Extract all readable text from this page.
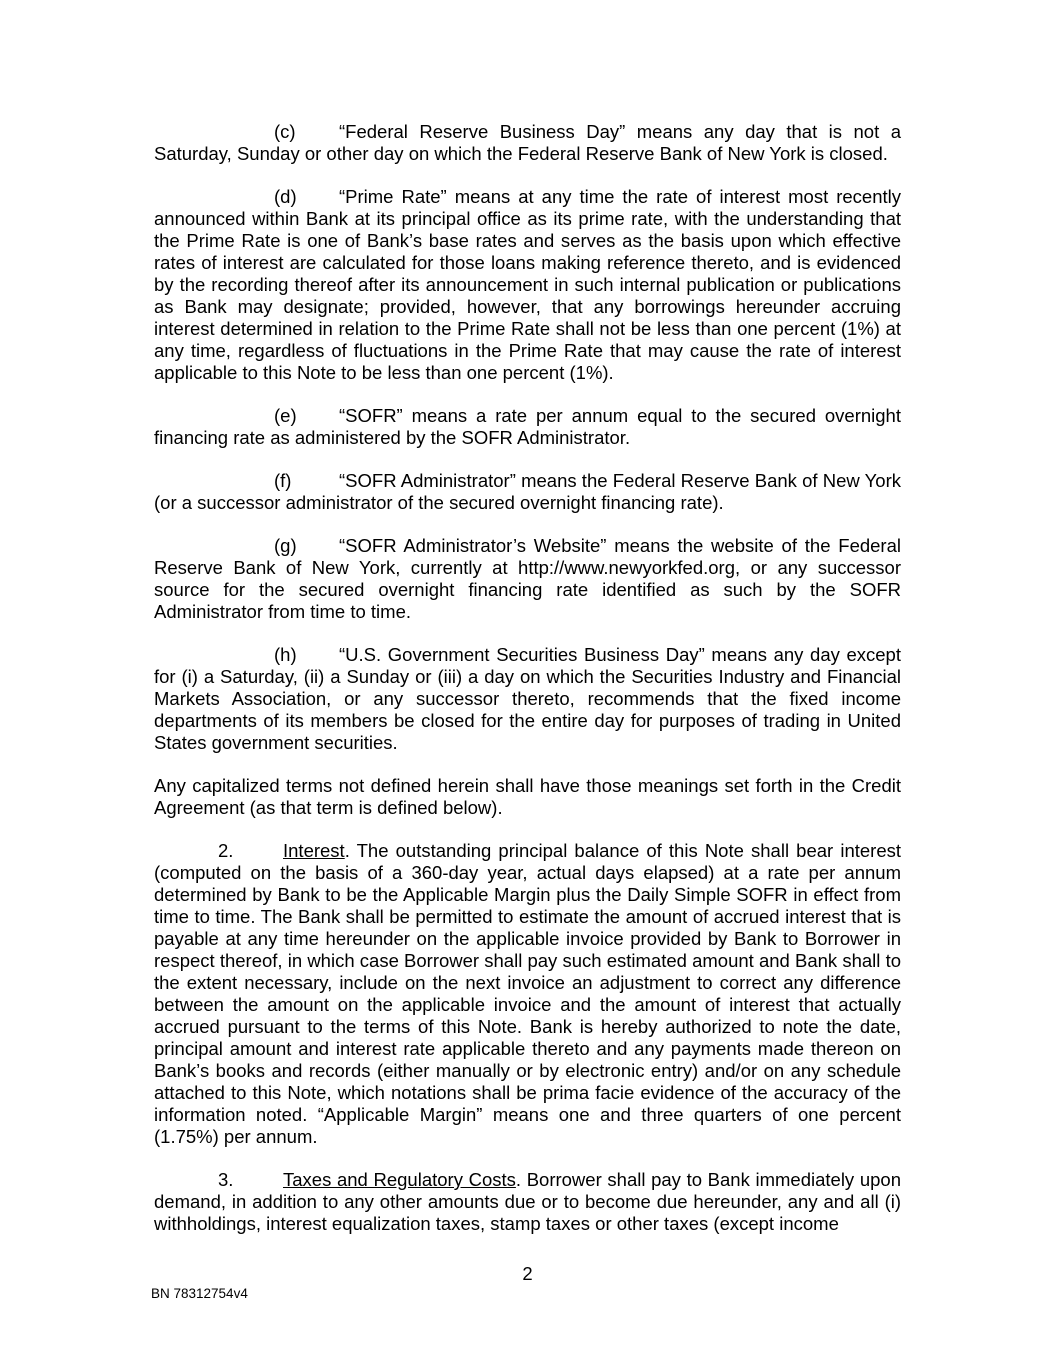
(c) “Federal Reserve Business Day” means any day that is not a Saturday, Sunday or other day on which the Federal Reserve Bank of New York is closed.

(d) “Prime Rate” means at any time the rate of interest most recently announced within Bank at its principal office as its prime rate, with the understanding that the Prime Rate is one of Bank’s base rates and serves as the basis upon which effective rates of interest are calculated for those loans making reference thereto, and is evidenced by the recording thereof after its announcement in such internal publication or publications as Bank may designate; provided, however, that any borrowings hereunder accruing interest determined in relation to the Prime Rate shall not be less than one percent (1%) at any time, regardless of fluctuations in the Prime Rate that may cause the rate of interest applicable to this Note to be less than one percent (1%).

(e) “SOFR” means a rate per annum equal to the secured overnight financing rate as administered by the SOFR Administrator.

(f)	“SOFR Administrator” means the Federal Reserve Bank of New York (or a successor administrator of the secured overnight financing rate).

(g) “SOFR Administrator’s Website” means the website of the Federal Reserve Bank of New York, currently at http://www.newyorkfed.org, or any successor source for the secured overnight financing rate identified as such by the SOFR Administrator from time to time.

(h) “U.S. Government Securities Business Day” means any day except for (i) a Saturday, (ii) a Sunday or (iii) a day on which the Securities Industry and Financial Markets Association, or any successor thereto, recommends that the fixed income departments of its members be closed for the entire day for purposes of trading in United States government securities.

Any capitalized terms not defined herein shall have those meanings set forth in the Credit Agreement (as that term is defined below).

2.	Interest. The outstanding principal balance of this Note shall bear interest (computed on the basis of a 360-day year, actual days elapsed) at a rate per annum determined by Bank to be the Applicable Margin plus the Daily Simple SOFR in effect from time to time. The Bank shall be permitted to estimate the amount of accrued interest that is payable at any time hereunder on the applicable invoice provided by Bank to Borrower in respect thereof, in which case Borrower shall pay such estimated amount and Bank shall to the extent necessary, include on the next invoice an adjustment to correct any difference between the amount on the applicable invoice and the amount of interest that actually accrued pursuant to the terms of this Note. Bank is hereby authorized to note the date, principal amount and interest rate applicable thereto and any payments made thereon on Bank’s books and records (either manually or by electronic entry) and/or on any schedule attached to this Note, which notations shall be prima facie evidence of the accuracy of the information noted. “Applicable Margin” means one and three quarters of one percent (1.75%) per annum.

3.	Taxes and Regulatory Costs. Borrower shall pay to Bank immediately upon demand, in addition to any other amounts due or to become due hereunder, any and all (i) withholdings, interest equalization taxes, stamp taxes or other taxes (except income

2
BN 78312754v4
